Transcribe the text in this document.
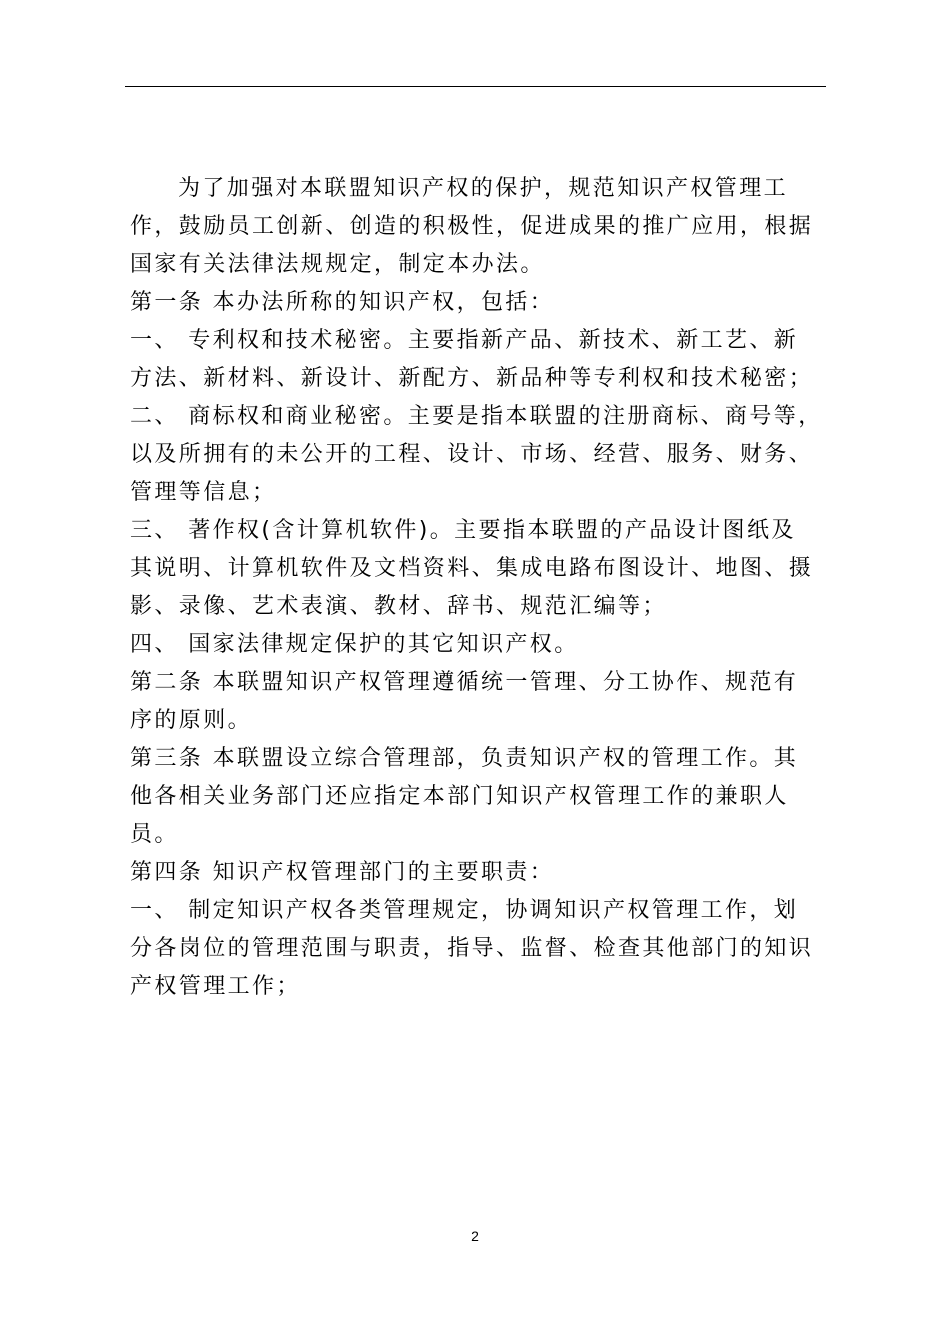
为了加强对本联盟知识产权的保护，规范知识产权管理工
作，鼓励员工创新、创造的积极性，促进成果的推广应用，根据
国家有关法律法规规定，制定本办法。
第一条 本办法所称的知识产权，包括：
一、 专利权和技术秘密。主要指新产品、新技术、新工艺、新
方法、新材料、新设计、新配方、新品种等专利权和技术秘密；
二、 商标权和商业秘密。主要是指本联盟的注册商标、商号等，
以及所拥有的未公开的工程、设计、市场、经营、服务、财务、
管理等信息；
三、 著作权(含计算机软件)。主要指本联盟的产品设计图纸及
其说明、计算机软件及文档资料、集成电路布图设计、地图、摄
影、录像、艺术表演、教材、辞书、规范汇编等；
四、 国家法律规定保护的其它知识产权。
第二条 本联盟知识产权管理遵循统一管理、分工协作、规范有
序的原则。
第三条 本联盟设立综合管理部，负责知识产权的管理工作。其
他各相关业务部门还应指定本部门知识产权管理工作的兼职人
员。
第四条 知识产权管理部门的主要职责：
一、 制定知识产权各类管理规定，协调知识产权管理工作，划
分各岗位的管理范围与职责，指导、监督、检查其他部门的知识
产权管理工作；
2
